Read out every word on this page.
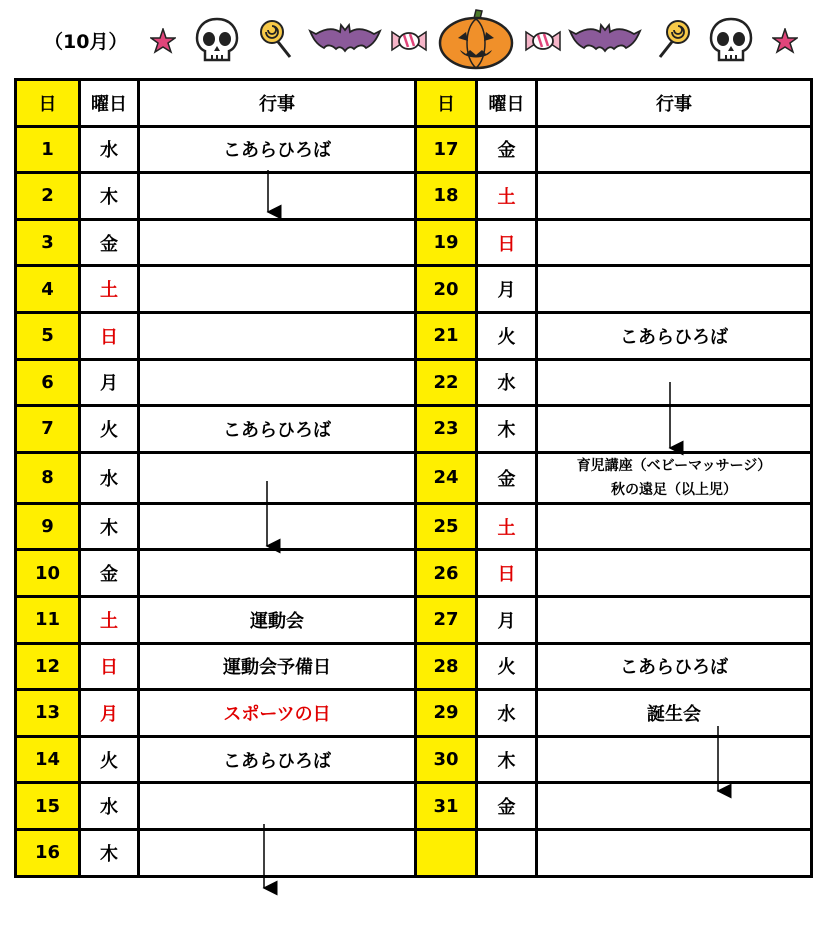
（10月）
日	曜日	行事	日	曜日	行事
1	水	こあらひろば	17	金	
2	木		18	土	
3	金		19	日	
4	土		20	月	
5	日		21	火	こあらひろば
6	月		22	水	
7	火	こあらひろば	23	木	
8	水		24	金	育児講座（ベビーマッサージ）
秋の遠足（以上児）

9	木		25	土	
10	金		26	日	
11	土	運動会	27	月	
12	日	運動会予備日	28	火	こあらひろば
13	月	スポーツの日	29	水	誕生会
14	火	こあらひろば	30	木	
15	水		31	金	
16	木				
